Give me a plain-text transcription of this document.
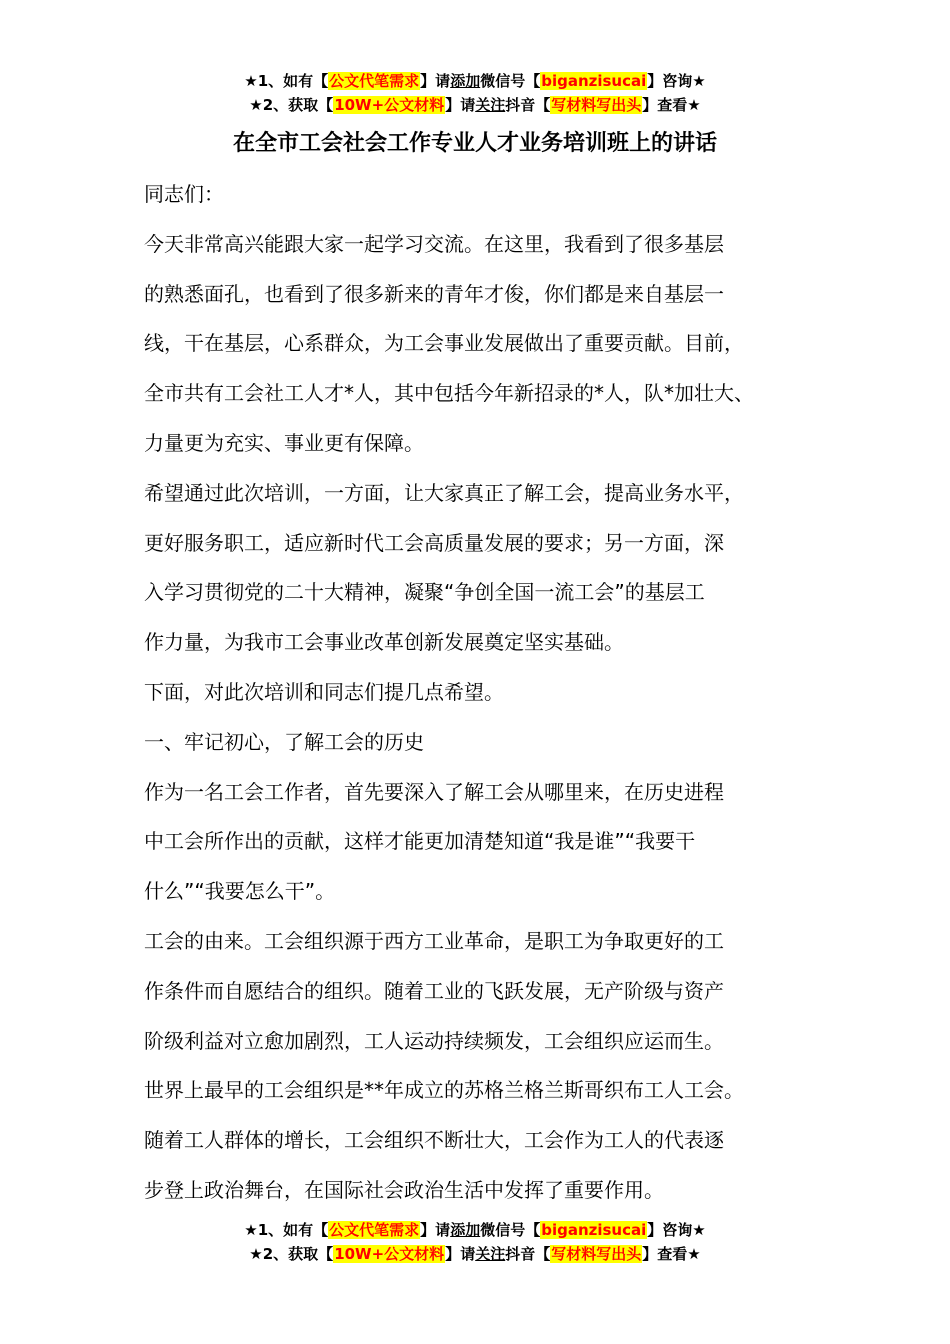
★1、如有【公文代笔需求】请添加微信号【biganzisucai】咨询★
★2、获取【10W+公文材料】请关注抖音【写材料写出头】查看★
在全市工会社会工作专业人才业务培训班上的讲话

同志们：

今天非常高兴能跟大家一起学习交流。在这里，我看到了很多基层

的熟悉面孔，也看到了很多新来的青年才俊，你们都是来自基层一

线，干在基层，心系群众，为工会事业发展做出了重要贡献。目前，

全市共有工会社工人才*人，其中包括今年新招录的*人，队*加壮大、

力量更为充实、事业更有保障。

希望通过此次培训，一方面，让大家真正了解工会，提高业务水平，

更好服务职工，适应新时代工会高质量发展的要求；另一方面，深

入学习贯彻党的二十大精神，凝聚“争创全国一流工会”的基层工

作力量，为我市工会事业改革创新发展奠定坚实基础。

下面，对此次培训和同志们提几点希望。

一、牢记初心，了解工会的历史

作为一名工会工作者，首先要深入了解工会从哪里来，在历史进程

中工会所作出的贡献，这样才能更加清楚知道“我是谁”“我要干

什么”“我要怎么干”。

工会的由来。工会组织源于西方工业革命，是职工为争取更好的工

作条件而自愿结合的组织。随着工业的飞跃发展，无产阶级与资产

阶级利益对立愈加剧烈，工人运动持续频发，工会组织应运而生。

世界上最早的工会组织是**年成立的苏格兰格兰斯哥织布工人工会。

随着工人群体的增长，工会组织不断壮大，工会作为工人的代表逐

步登上政治舞台，在国际社会政治生活中发挥了重要作用。

★1、如有【公文代笔需求】请添加微信号【biganzisucai】咨询★
★2、获取【10W+公文材料】请关注抖音【写材料写出头】查看★
